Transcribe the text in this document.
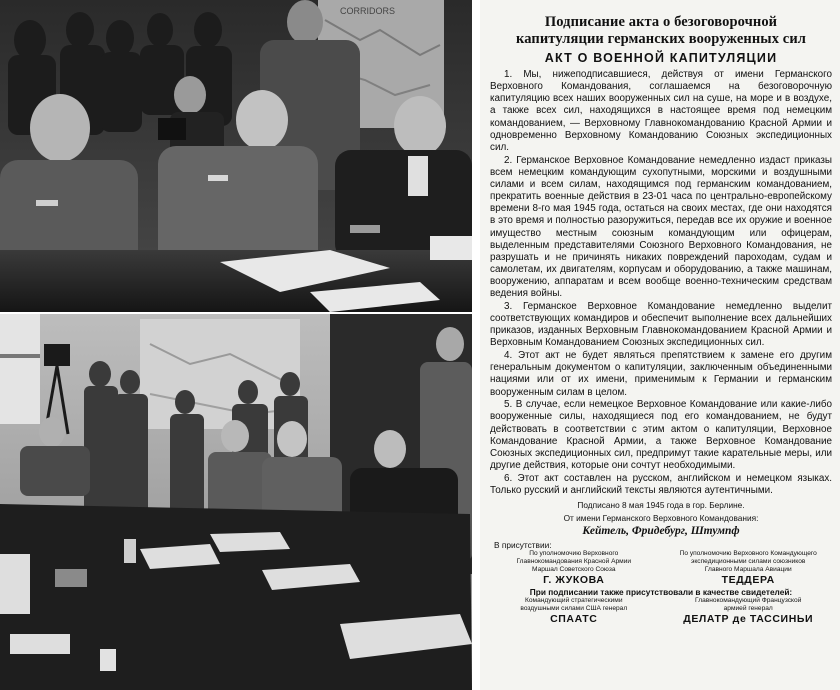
CORRIDORS
Подписание акта о безоговорочной
капитуляции германских вооруженных сил
АКТ О ВОЕННОЙ КАПИТУЛЯЦИИ

1. Мы, нижеподписавшиеся, действуя от имени Германского Верховного Командования, соглашаемся на безоговорочную капитуляцию всех наших вооруженных сил на суше, на море и в воздухе, а также всех сил, находящихся в настоящее время под немецким командованием, — Верховному Главнокомандованию Красной Армии и одновременно Верховному Командованию Союзных экспедиционных сил.

2. Германское Верховное Командование немедленно издаст приказы всем немецким командующим сухопутными, морскими и воздушными силами и всем силам, находящимся под германским командованием, прекратить военные действия в 23-01 часа по центрально-европейскому времени 8-го мая 1945 года, остаться на своих местах, где они находятся в это время и полностью разоружиться, передав все их оружие и военное имущество местным союзным командующим или офицерам, выделенным представителями Союзного Верховного Командования, не разрушать и не причинять никаких повреждений пароходам, судам и самолетам, их двигателям, корпусам и оборудованию, а также машинам, вооружению, аппаратам и всем вообще военно-техническим средствам ведения войны.

3. Германское Верховное Командование немедленно выделит соответствующих командиров и обеспечит выполнение всех дальнейших приказов, изданных Верховным Главнокомандованием Красной Армии и Верховным Командованием Союзных экспедиционных сил.

4. Этот акт не будет являться препятствием к замене его другим генеральным документом о капитуляции, заключенным объединенными нациями или от их имени, применимым к Германии и германским вооруженным силам в целом.

5. В случае, если немецкое Верховное Командование или какие-либо вооруженные силы, находящиеся под его командованием, не будут действовать в соответствии с этим актом о капитуляции, Верховное Командование Красной Армии, а также Верховное Командование Союзных экспедиционных сил, предпримут такие карательные меры, или другие действия, которые они сочтут необходимыми.

6. Этот акт составлен на русском, английском и немецком языках. Только русский и английский тексты являются аутентичными.

Подписано 8 мая 1945 года в гор. Берлине.
От имени Германского Верховного Командования:
Кейтель, Фридебург, Штумпф
В присутствии:
По уполномочию Верховного
Главнокомандования Красной Армии
Маршал Советского Союза
Г. ЖУКОВА
По уполномочию Верховного Командующего
экспедиционными силами союзников
Главного Маршала Авиации
ТЕДДЕРА
При подписании также присутствовали в качестве свидетелей:
Командующий стратегическими
воздушными силами США генерал
СПААТС
Главнокомандующий Французской
армией генерал
ДЕЛАТР де ТАССИНЬИ
